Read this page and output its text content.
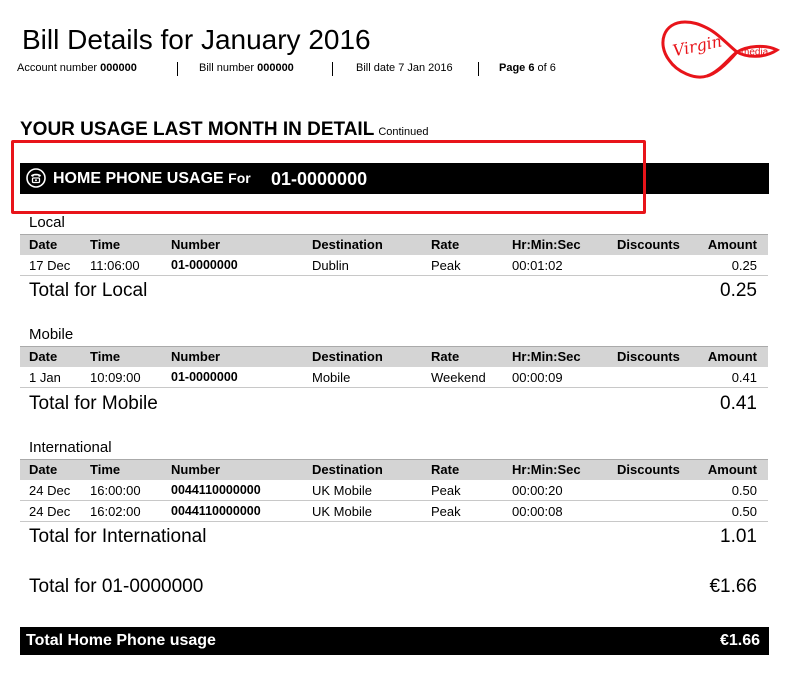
Bill Details for January 2016
Account number 000000	Bill number 000000	Bill date 7 Jan 2016	Page 6 of 6
Virgin media
YOUR USAGE LAST MONTH IN DETAIL Continued
HOME PHONE USAGE For 01-0000000
Local
Date	Time	Number	Destination	Rate	Hr:Min:Sec	Discounts Amount
17 Dec 11:06:00	01-0000000	Dublin	Peak	00:01:02	0.25
Total for Local	0.25
Mobile
Date	Time	Number	Destination	Rate	Hr:Min:Sec	Discounts Amount
1 Jan 10:09:00 01-0000000	Mobile	Weekend 00:00:09	0.41
Total for Mobile	0.41
International
Date	Time	Number	Destination	Rate	Hr:Min:Sec	Discounts Amount
24 Dec 16:00:00 0044110000000	UK Mobile	Peak	00:00:20	0.50
24 Dec 16:02:00 0044110000000	UK Mobile	Peak	00:00:08	0.50
Total for International	1.01
Total for 01-0000000	€1.66
Total Home Phone usage	€1.66
